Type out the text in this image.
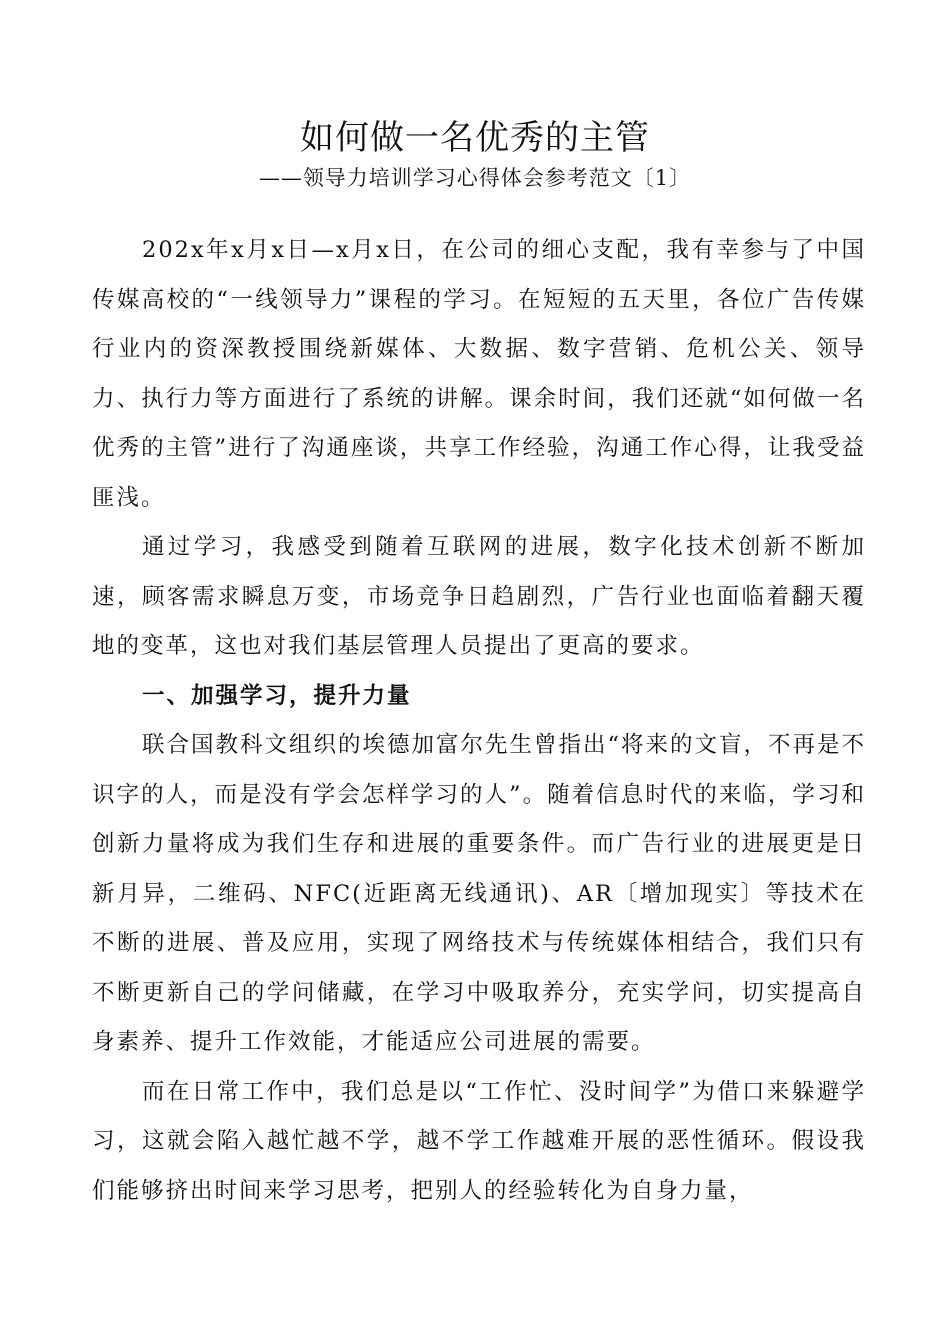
如何做一名优秀的主管
——领导力培训学习心得体会参考范文〔1〕

202x年x月x日—x月x日，在公司的细心支配，我有幸参与了中国传媒高校的“一线领导力”课程的学习。在短短的五天里，各位广告传媒行业内的资深教授围绕新媒体、大数据、数字营销、危机公关、领导力、执行力等方面进行了系统的讲解。课余时间，我们还就“如何做一名优秀的主管”进行了沟通座谈，共享工作经验，沟通工作心得，让我受益匪浅。

通过学习，我感受到随着互联网的进展，数字化技术创新不断加速，顾客需求瞬息万变，市场竞争日趋剧烈，广告行业也面临着翻天覆地的变革，这也对我们基层管理人员提出了更高的要求。

一、加强学习，提升力量

联合国教科文组织的埃德加富尔先生曾指出“将来的文盲，不再是不识字的人，而是没有学会怎样学习的人”。随着信息时代的来临，学习和创新力量将成为我们生存和进展的重要条件。而广告行业的进展更是日新月异，二维码、NFC(近距离无线通讯)、AR〔增加现实〕等技术在不断的进展、普及应用，实现了网络技术与传统媒体相结合，我们只有不断更新自己的学问储藏，在学习中吸取养分，充实学问，切实提高自身素养、提升工作效能，才能适应公司进展的需要。

而在日常工作中，我们总是以“工作忙、没时间学”为借口来躲避学习，这就会陷入越忙越不学，越不学工作越难开展的恶性循环。假设我们能够挤出时间来学习思考，把别人的经验转化为自身力量，
